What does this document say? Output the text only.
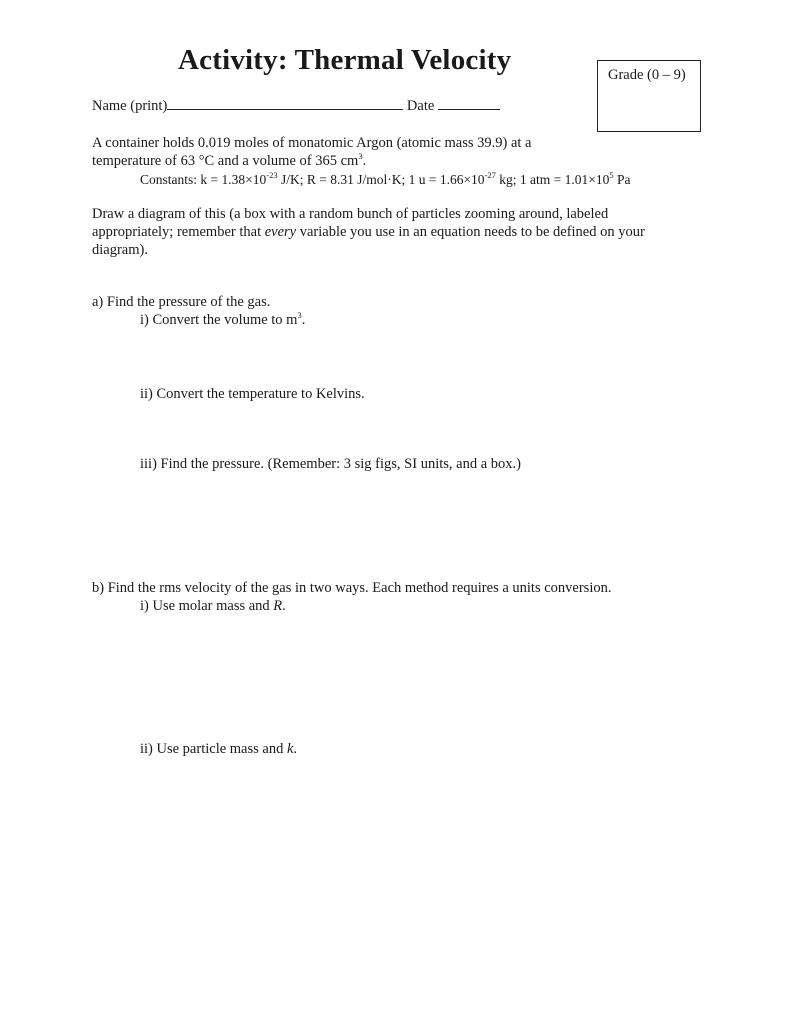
Activity: Thermal Velocity	Grade (0 – 9)
Name (print)	Date
A container holds 0.019 moles of monatomic Argon (atomic mass 39.9) at a
temperature of 63 °C and a volume of 365 $cm^3$.
Constants: $k = 1.38\times 10^{-23}$ J/K; R = 8.31 J/mol·K; 1 $u = 1.66\times 10^{-27}$ kg; 1 atm = $1.01\times 10^5$ Pa
Draw a diagram of this (a box with a random bunch of particles zooming around, labeled
appropriately; remember that every variable you use in an equation needs to be defined on your
diagram).
a) Find the pressure of the gas.
i) Convert the volume to $m^3$.
ii) Convert the temperature to Kelvins.
iii) Find the pressure. (Remember: 3 sig figs, SI units, and a box.)
b) Find the rms velocity of the gas in two ways. Each method requires a units conversion.
i) Use molar mass and R.
ii) Use particle mass and k.
